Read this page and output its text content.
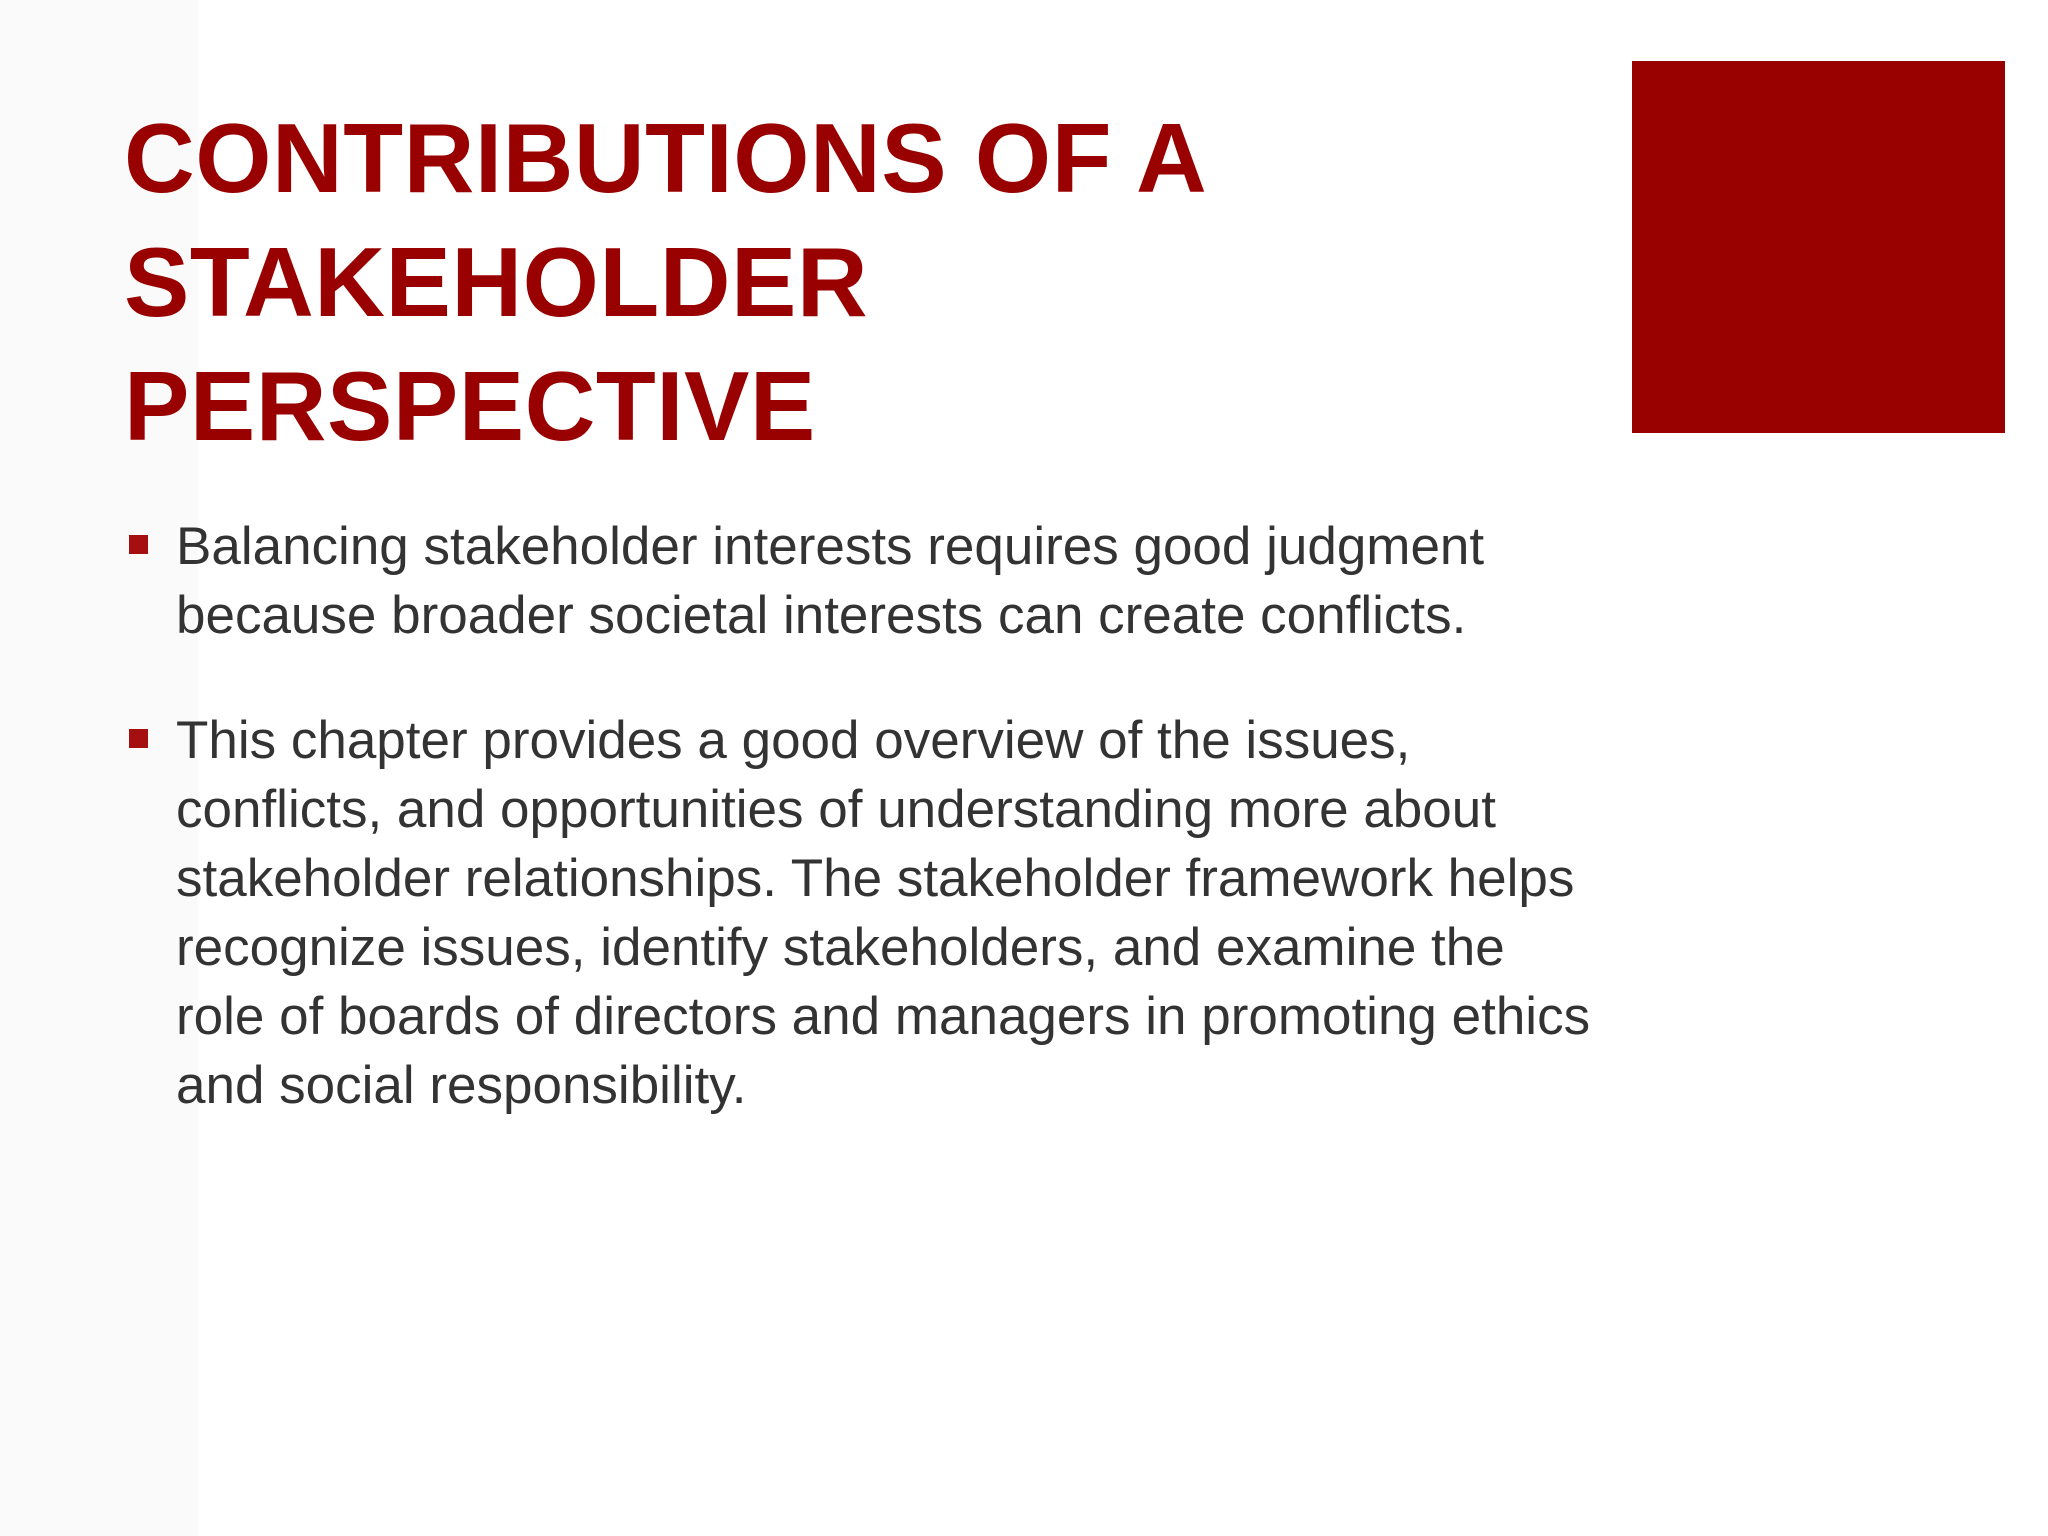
CONTRIBUTIONS OF A STAKEHOLDER PERSPECTIVE
Balancing stakeholder interests requires good judgment because broader societal interests can create conflicts.
This chapter provides a good overview of the issues, conflicts, and opportunities of understanding more about stakeholder relationships. The stakeholder framework helps recognize issues, identify stakeholders, and examine the role of boards of directors and managers in promoting ethics and social responsibility.
